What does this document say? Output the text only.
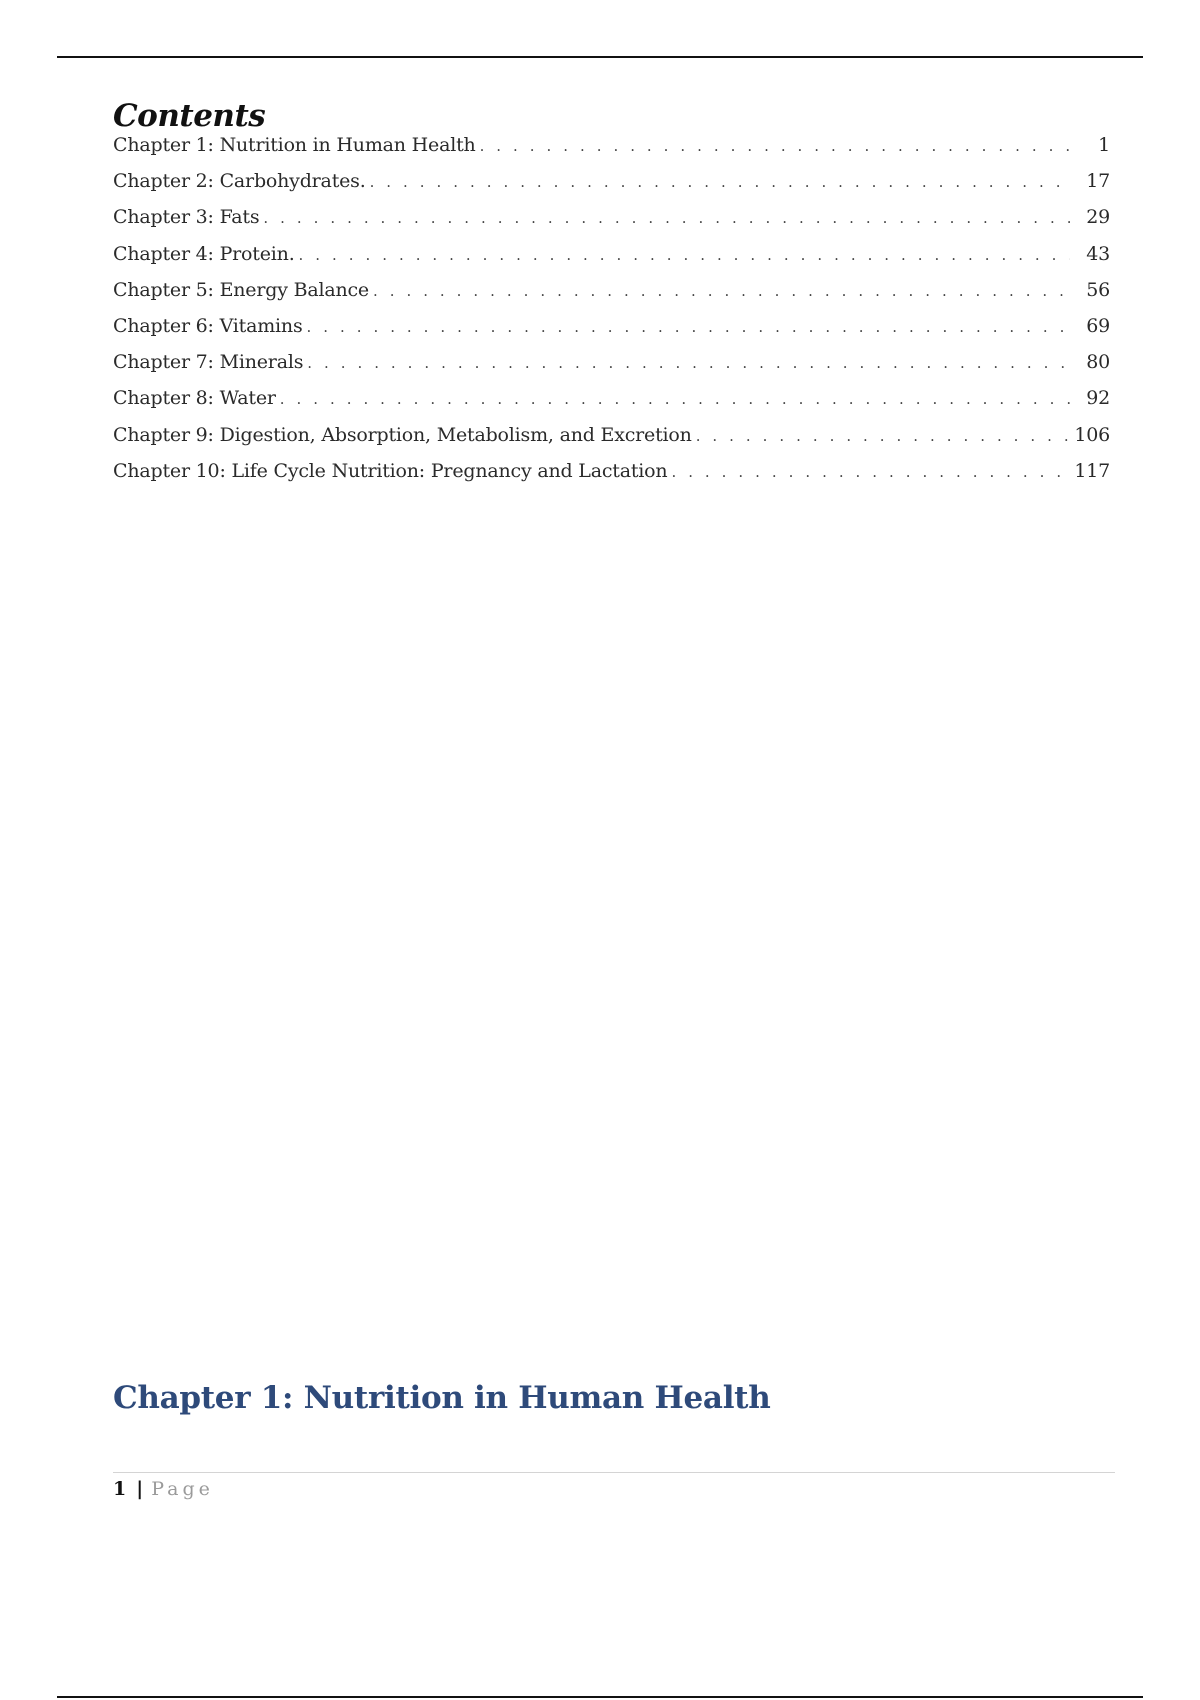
Contents
Chapter 1: Nutrition in Human Health . . .	1
Chapter 2: Carbohydrates. . . .	17
Chapter 3: Fats . . .	29
Chapter 4: Protein. . . .	43
Chapter 5: Energy Balance . . .	56
Chapter 6: Vitamins . . .	69
Chapter 7: Minerals . . .	80
Chapter 8: Water . . .	92
Chapter 9: Digestion, Absorption, Metabolism, and Excretion . . .	106
Chapter 10: Life Cycle Nutrition: Pregnancy and Lactation . . .	117
Chapter 1: Nutrition in Human Health
1 | Page
